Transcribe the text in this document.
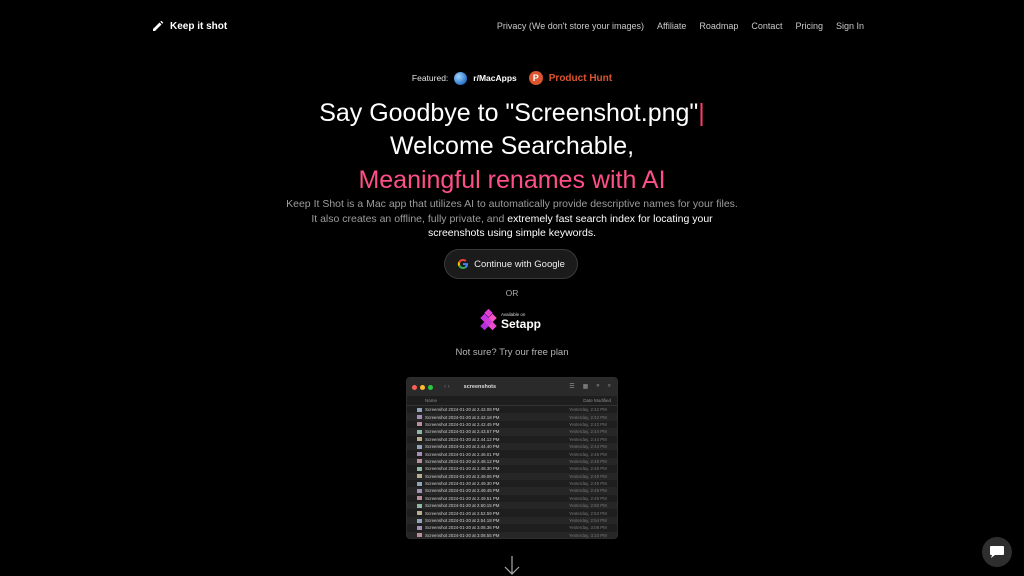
Keep it shot	Privacy (We don't store your images) Affiliate Roadmap Contact Pricing Sign In
Featured:	r/MacApps	P	Product Hunt
Say Goodbye to "Screenshot.png"|
Welcome Searchable,
Meaningful renames with AI
Keep It Shot is a Mac app that utilizes AI to automatically provide descriptive names for your files. It also creates an offline, fully private, and extremely fast search index for locating your screenshots using simple keywords.
Continue with Google
OR
Available on
Setapp
Not sure? Try our free plan
‹ ›	screenshots	☰ ▦ » ⌕
Name	Date Modified
Screenshot 2024-01-20 at 2.42.08 PM	Yesterday, 2:42 PM
Screenshot 2024-01-20 at 2.42.18 PM	Yesterday, 2:42 PM
Screenshot 2024-01-20 at 2.42.45 PM	Yesterday, 2:42 PM
Screenshot 2024-01-20 at 2.43.57 PM	Yesterday, 2:44 PM
Screenshot 2024-01-20 at 2.44.12 PM	Yesterday, 2:44 PM
Screenshot 2024-01-20 at 2.44.40 PM	Yesterday, 2:44 PM
Screenshot 2024-01-20 at 2.46.01 PM	Yesterday, 2:46 PM
Screenshot 2024-01-20 at 2.48.12 PM	Yesterday, 2:48 PM
Screenshot 2024-01-20 at 2.48.30 PM	Yesterday, 2:48 PM
Screenshot 2024-01-20 at 2.49.06 PM	Yesterday, 2:49 PM
Screenshot 2024-01-20 at 2.49.30 PM	Yesterday, 2:49 PM
Screenshot 2024-01-20 at 2.49.45 PM	Yesterday, 2:49 PM
Screenshot 2024-01-20 at 2.49.51 PM	Yesterday, 2:49 PM
Screenshot 2024-01-20 at 2.50.15 PM	Yesterday, 2:50 PM
Screenshot 2024-01-20 at 2.52.59 PM	Yesterday, 2:53 PM
Screenshot 2024-01-20 at 2.54.18 PM	Yesterday, 2:54 PM
Screenshot 2024-01-20 at 3.08.36 PM	Yesterday, 3:08 PM
Screenshot 2024-01-20 at 3.08.55 PM	Yesterday, 3:10 PM
